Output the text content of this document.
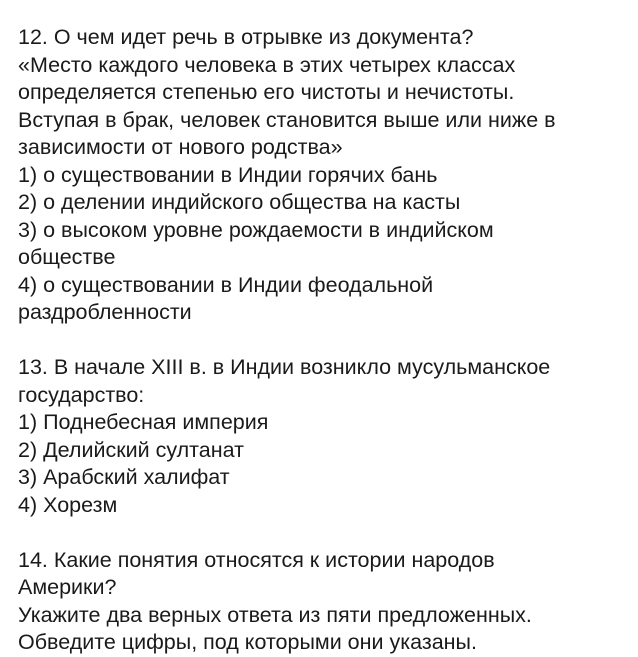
12. О чем идет речь в отрывке из документа?
«Место каждого человека в этих четырех классах
определяется степенью его чистоты и нечистоты.
Вступая в брак, человек становится выше или ниже в
зависимости от нового родства»
1) о существовании в Индии горячих бань
2) о делении индийского общества на касты
3) о высоком уровне рождаемости в индийском
обществе
4) о существовании в Индии феодальной
раздробленности
13. В начале XIII в. в Индии возникло мусульманское
государство:
1) Поднебесная империя
2) Делийский султанат
3) Арабский халифат
4) Хорезм
14. Какие понятия относятся к истории народов
Америки?
Укажите два верных ответа из пяти предложенных.
Обведите цифры, под которыми они указаны.
